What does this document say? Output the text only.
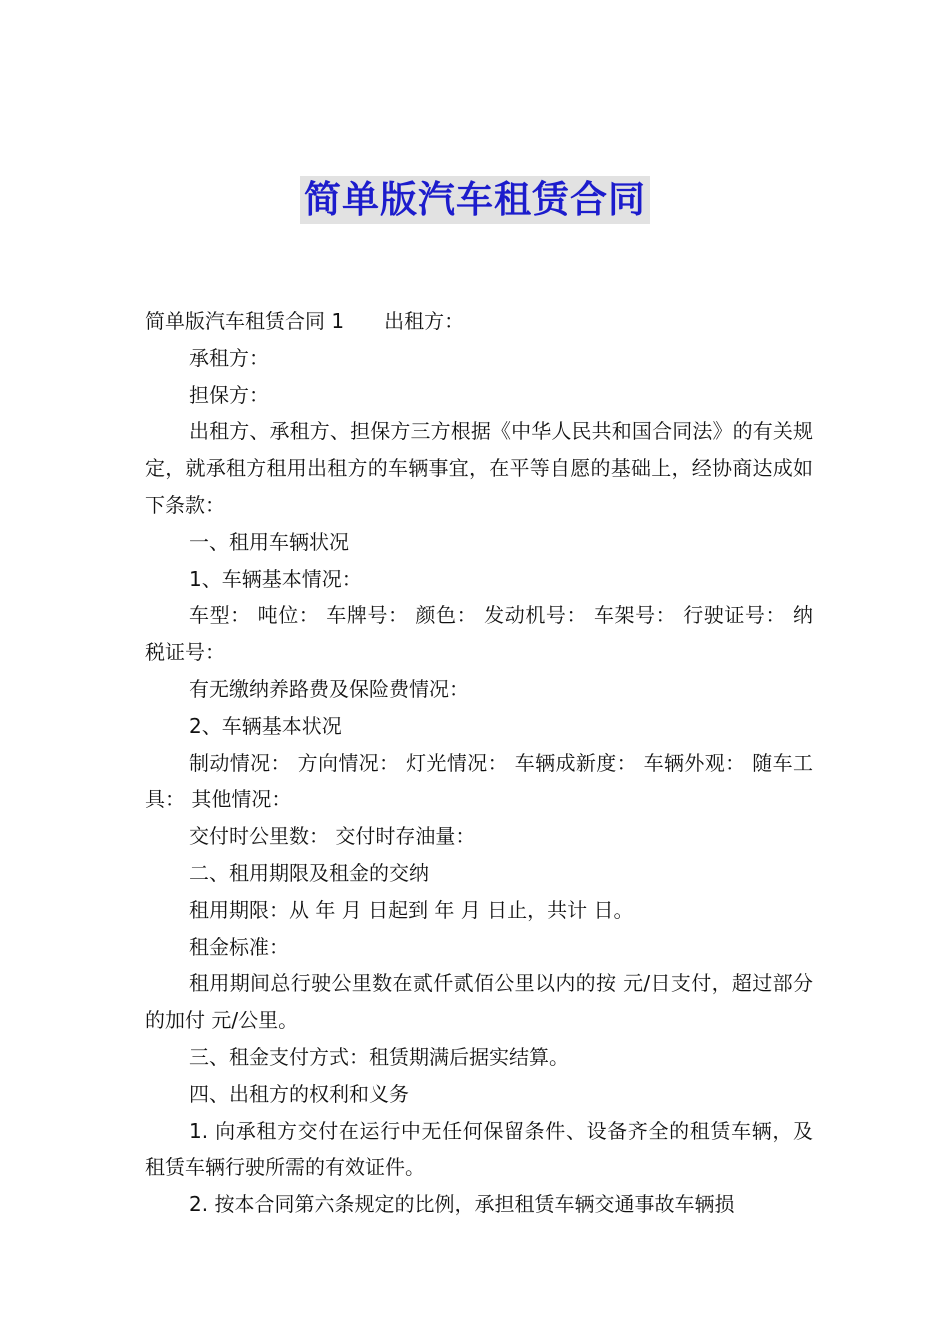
简单版汽车租赁合同

简单版汽车租赁合同 1 出租方：

承租方：

担保方：

出租方、承租方、担保方三方根据《中华人民共和国合同法》的有关规定，就承租方租用出租方的车辆事宜，在平等自愿的基础上，经协商达成如下条款：

一、租用车辆状况

1、车辆基本情况：

车型： 吨位： 车牌号： 颜色： 发动机号： 车架号： 行驶证号： 纳税证号：

有无缴纳养路费及保险费情况：

2、车辆基本状况

制动情况： 方向情况： 灯光情况： 车辆成新度： 车辆外观： 随车工具： 其他情况：

交付时公里数： 交付时存油量：

二、租用期限及租金的交纳

租用期限：从 年 月 日起到 年 月 日止，共计 日。

租金标准：

租用期间总行驶公里数在贰仟贰佰公里以内的按 元/日支付，超过部分的加付 元/公里。

三、租金支付方式：租赁期满后据实结算。

四、出租方的权利和义务

1. 向承租方交付在运行中无任何保留条件、设备齐全的租赁车辆，及租赁车辆行驶所需的有效证件。

2. 按本合同第六条规定的比例，承担租赁车辆交通事故车辆损
